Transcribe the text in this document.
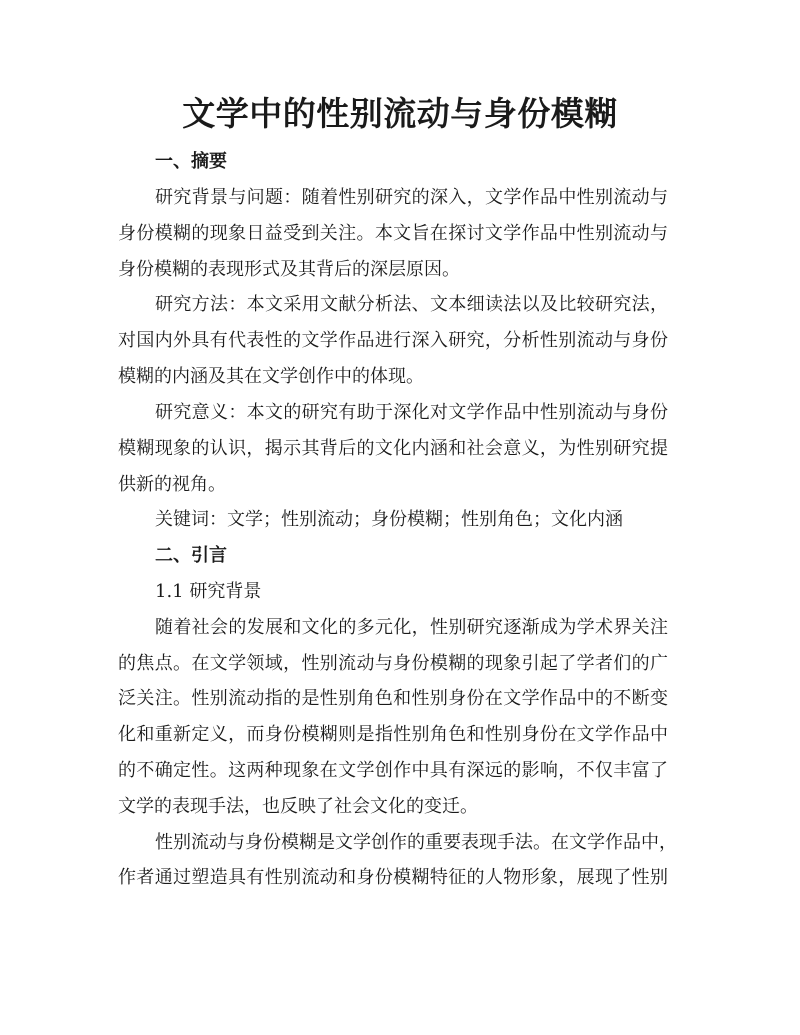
文学中的性别流动与身份模糊
一、摘要
研究背景与问题：随着性别研究的深入，文学作品中性别流动与
身份模糊的现象日益受到关注。本文旨在探讨文学作品中性别流动与
身份模糊的表现形式及其背后的深层原因。
研究方法：本文采用文献分析法、文本细读法以及比较研究法，
对国内外具有代表性的文学作品进行深入研究，分析性别流动与身份
模糊的内涵及其在文学创作中的体现。
研究意义：本文的研究有助于深化对文学作品中性别流动与身份
模糊现象的认识，揭示其背后的文化内涵和社会意义，为性别研究提
供新的视角。
关键词：文学；性别流动；身份模糊；性别角色；文化内涵
二、引言
1.1 研究背景
随着社会的发展和文化的多元化，性别研究逐渐成为学术界关注
的焦点。在文学领域，性别流动与身份模糊的现象引起了学者们的广
泛关注。性别流动指的是性别角色和性别身份在文学作品中的不断变
化和重新定义，而身份模糊则是指性别角色和性别身份在文学作品中
的不确定性。这两种现象在文学创作中具有深远的影响，不仅丰富了
文学的表现手法，也反映了社会文化的变迁。
性别流动与身份模糊是文学创作的重要表现手法。在文学作品中，
作者通过塑造具有性别流动和身份模糊特征的人物形象，展现了性别
